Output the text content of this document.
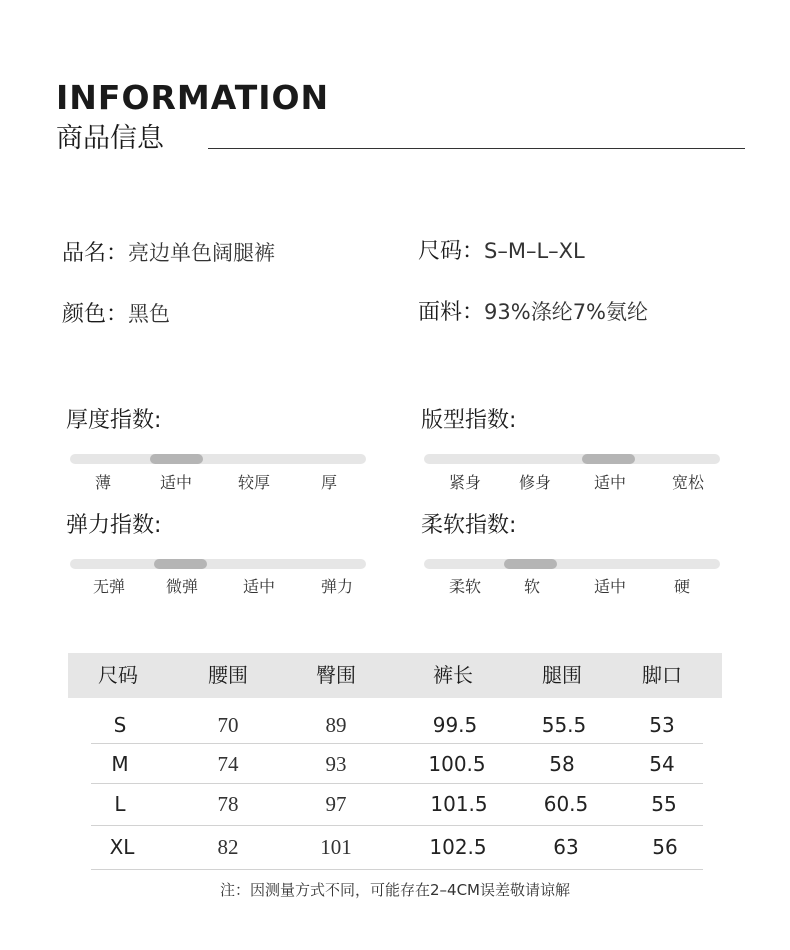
INFORMATION
商品信息
品名：亮边单色阔腿裤	尺码：S–M–L–XL
颜色：黑色	面料：93%涤纶7%氨纶
厚度指数:
薄	适中	较厚	厚
版型指数:
紧身 修身	适中	宽松
弹力指数:
无弹	微弹	适中	弹力
柔软指数:
柔软	软	适中	硬
尺码	腰围	臀围	裤长	腿围	脚口
S	70	89	99.5	55.5	53
M	74	93	100.5	58	54
L	78	97	101.5	60.5	55
XL	82	101	102.5	63	56
注：因测量方式不同，可能存在2–4CM误差敬请谅解
